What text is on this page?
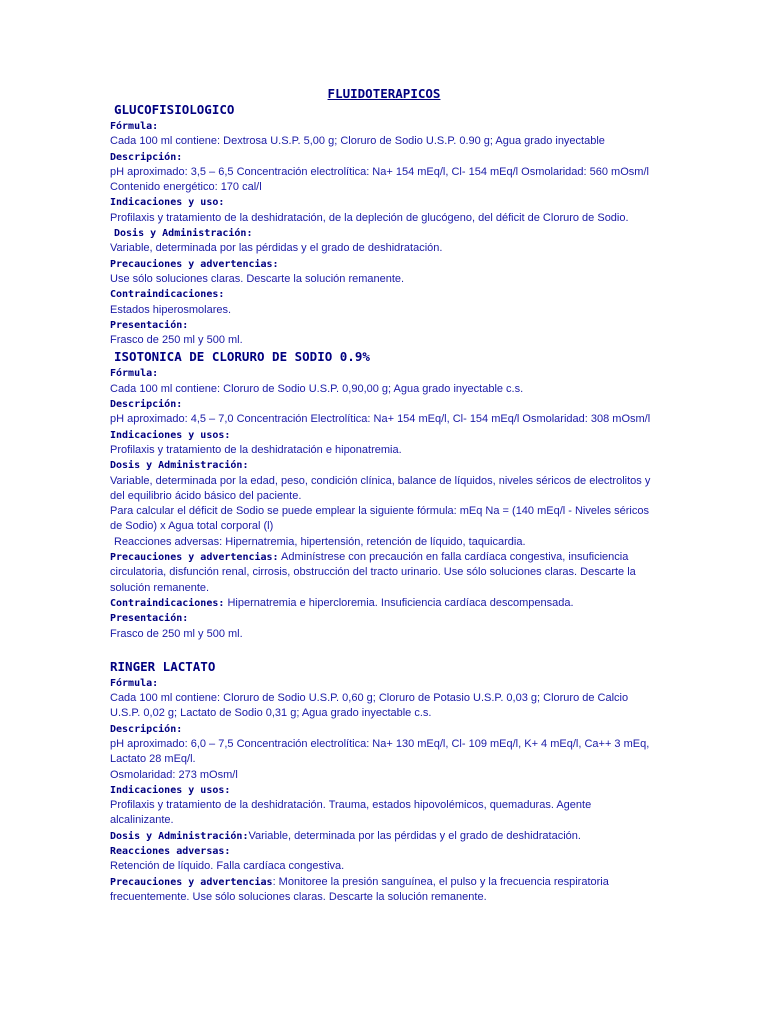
FLUIDOTERAPICOS
GLUCOFISIOLOGICO
Fórmula:
Cada 100 ml contiene: Dextrosa U.S.P. 5,00 g; Cloruro de Sodio U.S.P. 0.90 g; Agua grado inyectable
Descripción:
pH aproximado: 3,5 – 6,5 Concentración electrolítica: Na+ 154 mEq/l, Cl- 154 mEq/l Osmolaridad: 560 mOsm/l Contenido energético: 170 cal/l
Indicaciones y uso:
Profilaxis y tratamiento de la deshidratación, de la depleción de glucógeno, del déficit de Cloruro de Sodio.
Dosis y Administración:
Variable, determinada por las pérdidas y el grado de deshidratación.
Precauciones y advertencias:
Use sólo soluciones claras. Descarte la solución remanente.
Contraindicaciones:
Estados hiperosmolares.
Presentación:
Frasco de 250 ml y 500 ml.
ISOTONICA DE CLORURO DE SODIO 0.9%
Fórmula:
Cada 100 ml contiene: Cloruro de Sodio U.S.P. 0,90,00 g; Agua grado inyectable c.s.
Descripción:
pH aproximado: 4,5 – 7,0 Concentración Electrolítica: Na+ 154 mEq/l, Cl- 154 mEq/l Osmolaridad: 308 mOsm/l
Indicaciones y usos:
Profilaxis y tratamiento de la deshidratación e hiponatremia.
Dosis y Administración:
Variable, determinada por la edad, peso, condición clínica, balance de líquidos, niveles séricos de electrolitos y del equilibrio ácido básico del paciente.
Para calcular el déficit de Sodio se puede emplear la siguiente fórmula: mEq Na = (140 mEq/l - Niveles séricos de Sodio) x Agua total corporal (l)
Reacciones adversas: Hipernatremia, hipertensión, retención de líquido, taquicardia.
Precauciones y advertencias: Adminístrese con precaución en falla cardíaca congestiva, insuficiencia circulatoria, disfunción renal, cirrosis, obstrucción del tracto urinario. Use sólo soluciones claras. Descarte la solución remanente.
Contraindicaciones: Hipernatremia e hipercloremia. Insuficiencia cardíaca descompensada.
Presentación:
Frasco de 250 ml y 500 ml.
RINGER LACTATO
Fórmula:
Cada 100 ml contiene: Cloruro de Sodio U.S.P. 0,60 g; Cloruro de Potasio U.S.P. 0,03 g; Cloruro de Calcio U.S.P. 0,02 g; Lactato de Sodio 0,31 g; Agua grado inyectable c.s.
Descripción:
pH aproximado: 6,0 – 7,5 Concentración electrolítica: Na+ 130 mEq/l, Cl- 109 mEq/l, K+ 4 mEq/l, Ca++ 3 mEq, Lactato 28 mEq/l.
Osmolaridad: 273 mOsm/l
Indicaciones y usos:
Profilaxis y tratamiento de la deshidratación. Trauma, estados hipovolémicos, quemaduras. Agente alcalinizante.
Dosis y Administración:Variable, determinada por las pérdidas y el grado de deshidratación.
Reacciones adversas:
Retención de líquido. Falla cardíaca congestiva.
Precauciones y advertencias: Monitoree la presión sanguínea, el pulso y la frecuencia respiratoria frecuentemente. Use sólo soluciones claras. Descarte la solución remanente.
